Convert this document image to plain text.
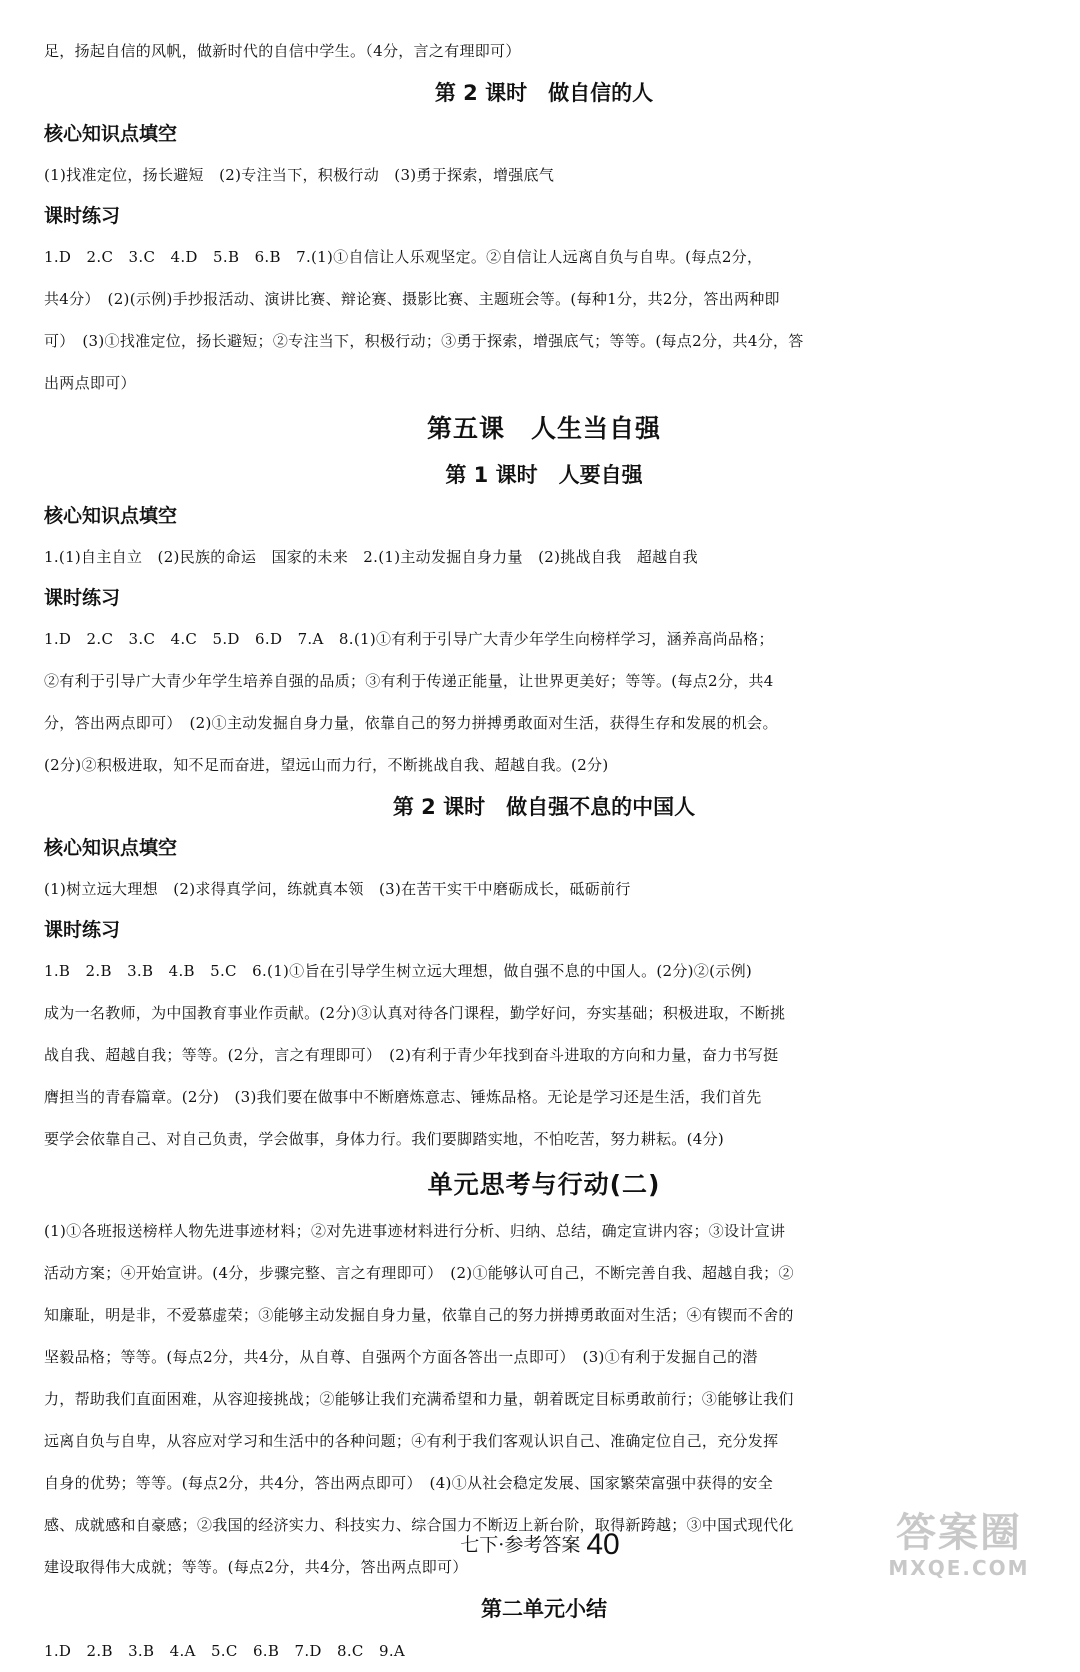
足，扬起自信的风帆，做新时代的自信中学生。（4分，言之有理即可）
第 2 课时　做自信的人
核心知识点填空
(1)找准定位，扬长避短　(2)专注当下，积极行动　(3)勇于探索，增强底气
课时练习
1.D　2.C　3.C　4.D　5.B　6.B　7.(1)①自信让人乐观坚定。②自信让人远离自负与自卑。(每点2分，
共4分）　(2)(示例)手抄报活动、演讲比赛、辩论赛、摄影比赛、主题班会等。(每种1分，共2分，答出两种即
可）　(3)①找准定位，扬长避短；②专注当下，积极行动；③勇于探索，增强底气；等等。(每点2分，共4分，答
出两点即可）
第五课　人生当自强
第 1 课时　人要自强
核心知识点填空
1.(1)自主自立　(2)民族的命运　国家的未来　2.(1)主动发掘自身力量　(2)挑战自我　超越自我
课时练习
1.D　2.C　3.C　4.C　5.D　6.D　7.A　8.(1)①有利于引导广大青少年学生向榜样学习，涵养高尚品格；
②有利于引导广大青少年学生培养自强的品质；③有利于传递正能量，让世界更美好；等等。(每点2分，共4
分，答出两点即可）　(2)①主动发掘自身力量，依靠自己的努力拼搏勇敢面对生活，获得生存和发展的机会。
(2分)②积极进取，知不足而奋进，望远山而力行，不断挑战自我、超越自我。(2分)
第 2 课时　做自强不息的中国人
核心知识点填空
(1)树立远大理想　(2)求得真学问，练就真本领　(3)在苦干实干中磨砺成长，砥砺前行
课时练习
1.B　2.B　3.B　4.B　5.C　6.(1)①旨在引导学生树立远大理想，做自强不息的中国人。(2分)②(示例)
成为一名教师，为中国教育事业作贡献。(2分)③认真对待各门课程，勤学好问，夯实基础；积极进取，不断挑
战自我、超越自我；等等。(2分，言之有理即可）　(2)有利于青少年找到奋斗进取的方向和力量，奋力书写挺
膺担当的青春篇章。(2分)　(3)我们要在做事中不断磨炼意志、锤炼品格。无论是学习还是生活，我们首先
要学会依靠自己、对自己负责，学会做事，身体力行。我们要脚踏实地，不怕吃苦，努力耕耘。(4分)
单元思考与行动(二)
(1)①各班报送榜样人物先进事迹材料；②对先进事迹材料进行分析、归纳、总结，确定宣讲内容；③设计宣讲
活动方案；④开始宣讲。(4分，步骤完整、言之有理即可）　(2)①能够认可自己，不断完善自我、超越自我；②
知廉耻，明是非，不爱慕虚荣；③能够主动发掘自身力量，依靠自己的努力拼搏勇敢面对生活；④有锲而不舍的
坚毅品格；等等。(每点2分，共4分，从自尊、自强两个方面各答出一点即可）　(3)①有利于发掘自己的潜
力，帮助我们直面困难，从容迎接挑战；②能够让我们充满希望和力量，朝着既定目标勇敢前行；③能够让我们
远离自负与自卑，从容应对学习和生活中的各种问题；④有利于我们客观认识自己、准确定位自己，充分发挥
自身的优势；等等。(每点2分，共4分，答出两点即可）　(4)①从社会稳定发展、国家繁荣富强中获得的安全
感、成就感和自豪感；②我国的经济实力、科技实力、综合国力不断迈上新台阶，取得新跨越；③中国式现代化
建设取得伟大成就；等等。(每点2分，共4分，答出两点即可）
第二单元小结
1.D　2.B　3.B　4.A　5.C　6.B　7.D　8.C　9.A
七下·参考答案 40	答案圈
MXQE.COM
